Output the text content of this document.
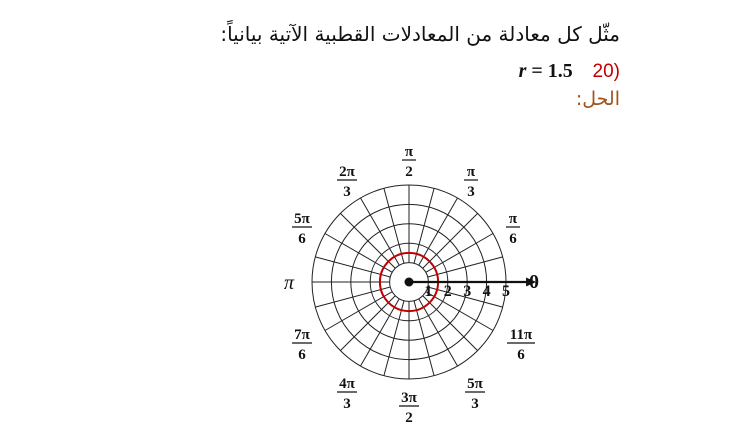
مثّل كل معادلة من المعادلات القطبية الآتية بيانياً:
(20 r = 1.5
الحل:
1 2 3 4 5 0
π
π
2	π
3
2π
3
π
6
5π
6
7π
6
11π
6
4π
3
5π
3
3π
2
